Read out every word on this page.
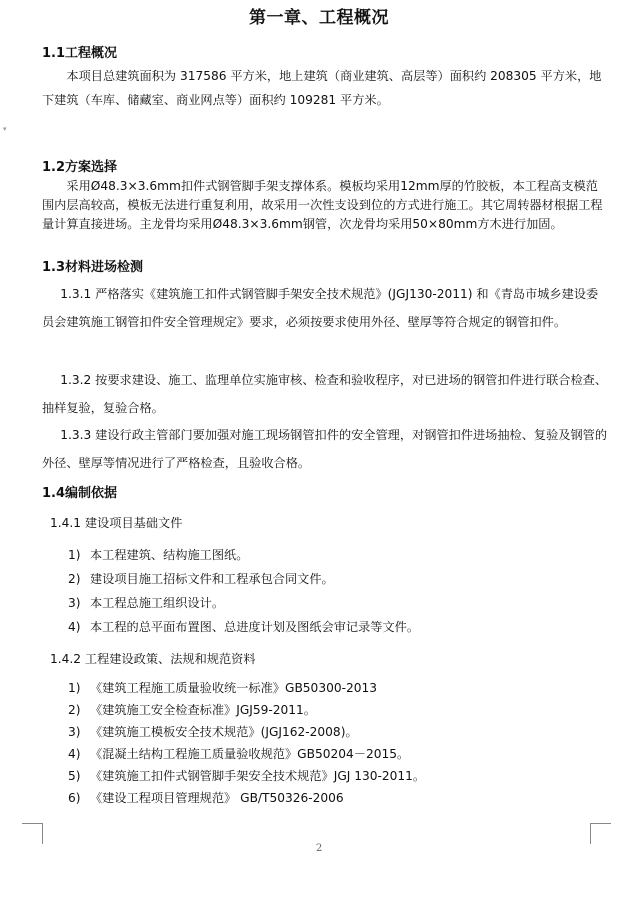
第一章、工程概况
▾
1.1工程概况
本项目总建筑面积为 317586 平方米，地上建筑（商业建筑、高层等）面积约 208305 平方米，地下建筑（车库、储藏室、商业网点等）面积约 109281 平方米。
1.2方案选择
采用Ø48.3×3.6mm扣件式钢管脚手架支撑体系。模板均采用12mm厚的竹胶板，本工程高支模范围内层高较高，模板无法进行重复利用，故采用一次性支设到位的方式进行施工。其它周转器材根据工程量计算直接进场。主龙骨均采用Ø48.3×3.6mm钢管，次龙骨均采用50×80mm方木进行加固。
1.3材料进场检测
1.3.1 严格落实《建筑施工扣件式钢管脚手架安全技术规范》(JGJ130-2011) 和《青岛市城乡建设委员会建筑施工钢管扣件安全管理规定》要求，必须按要求使用外径、壁厚等符合规定的钢管扣件。
1.3.2 按要求建设、施工、监理单位实施审核、检查和验收程序，对已进场的钢管扣件进行联合检查、抽样复验，复验合格。
1.3.3 建设行政主管部门要加强对施工现场钢管扣件的安全管理，对钢管扣件进场抽检、复验及钢管的外径、壁厚等情况进行了严格检查，且验收合格。
1.4编制依据
1.4.1 建设项目基础文件
1) 本工程建筑、结构施工图纸。
2) 建设项目施工招标文件和工程承包合同文件。
3) 本工程总施工组织设计。
4) 本工程的总平面布置图、总进度计划及图纸会审记录等文件。
1.4.2 工程建设政策、法规和规范资料
1) 《建筑工程施工质量验收统一标准》GB50300-2013
2) 《建筑施工安全检查标准》JGJ59-2011。
3) 《建筑施工模板安全技术规范》(JGJ162-2008)。
4) 《混凝土结构工程施工质量验收规范》GB50204－2015。
5) 《建筑施工扣件式钢管脚手架安全技术规范》JGJ 130-2011。
6) 《建设工程项目管理规范》 GB/T50326-2006
2
